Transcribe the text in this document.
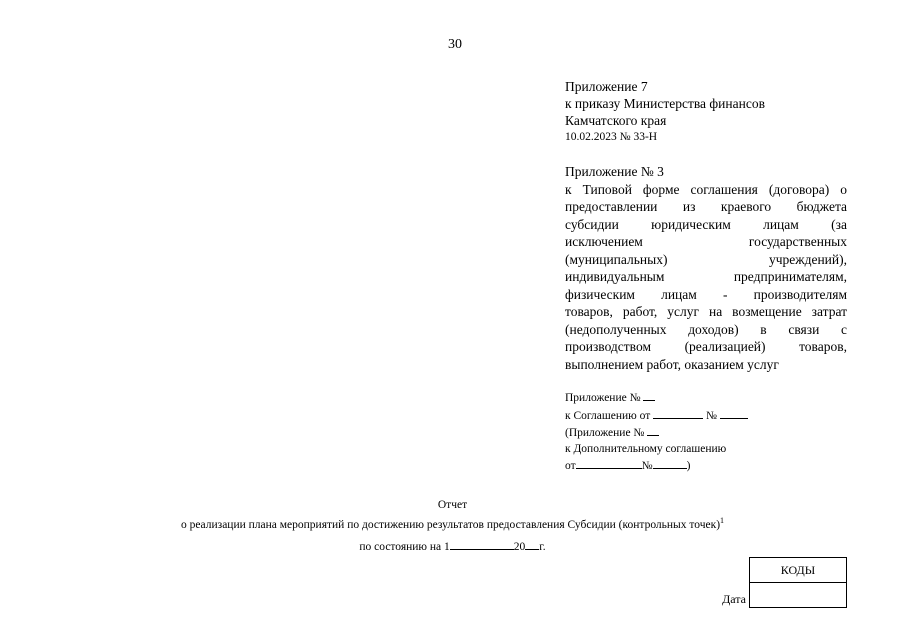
30
Приложение 7
к приказу Министерства финансов
Камчатского края
10.02.2023 № 33-Н
Приложение № 3
к Типовой форме соглашения (договора) о
предоставлении из краевого бюджета
субсидии юридическим лицам (за
исключением государственных
(муниципальных) учреждений),
индивидуальным предпринимателям,
физическим лицам - производителям
товаров, работ, услуг на возмещение затрат
(недополученных доходов) в связи с
производством (реализацией) товаров,
выполнением работ, оказанием услуг
Приложение №
к Соглашению от	№
(Приложение №
к Дополнительному соглашению
от	№	)
Отчет
о реализации плана мероприятий по достижению результатов предоставления Субсидии (контрольных точек)$^1$
по состоянию на 1	20 г.
КОДЫ

Дата
